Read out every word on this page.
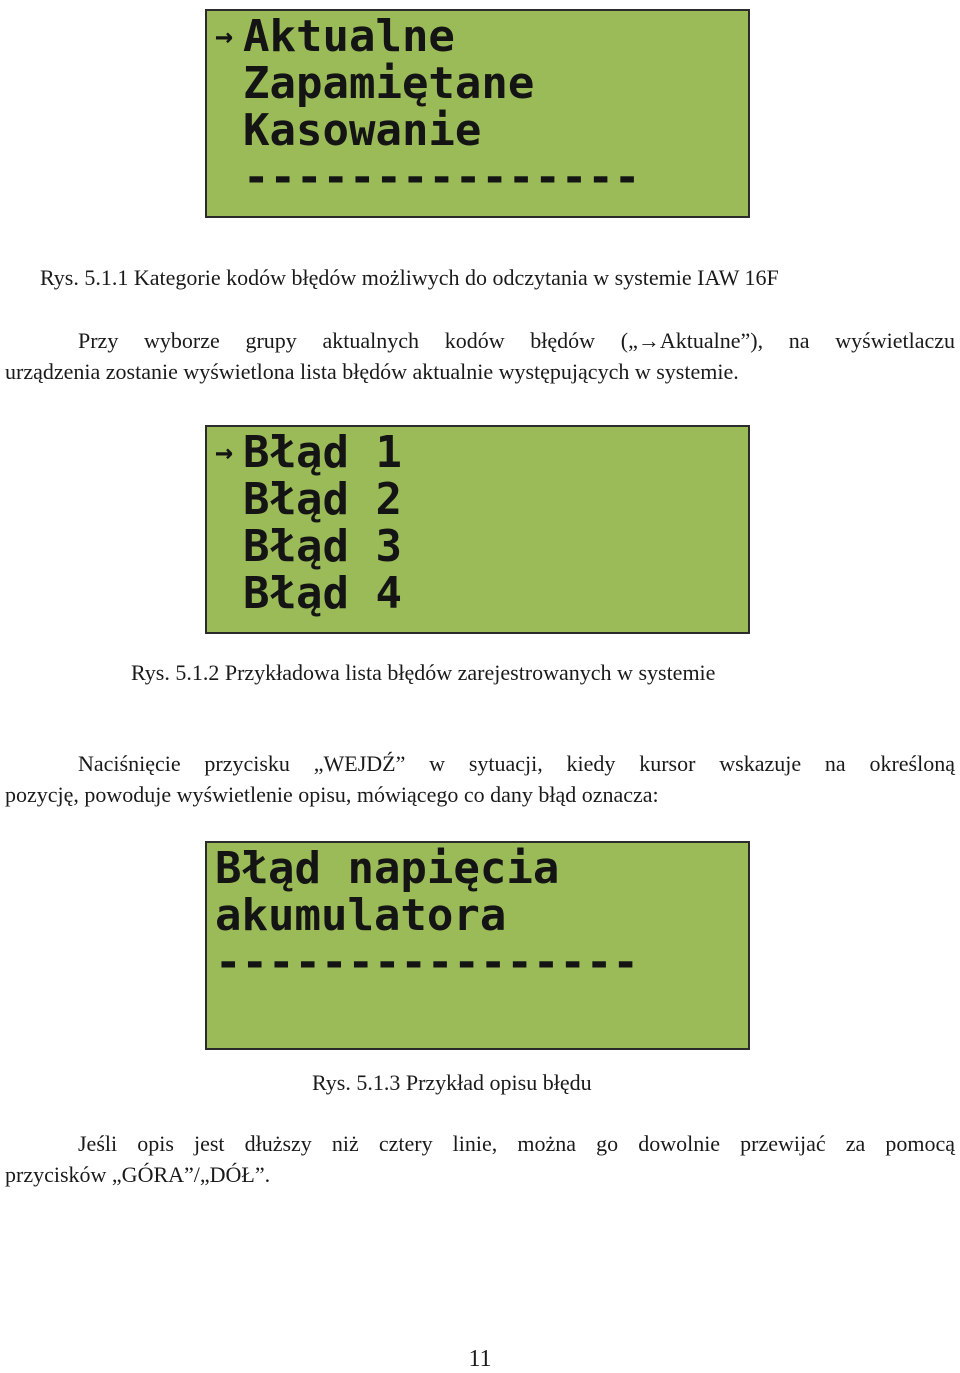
→ Aktualne
Zapamiętane
Kasowanie
---------------
Rys. 5.1.1 Kategorie kodów błędów możliwych do odczytania w systemie IAW 16F
Przy wyborze grupy aktualnych kodów błędów („→Aktualne”), na wyświetlaczu
urządzenia zostanie wyświetlona lista błędów aktualnie występujących w systemie.
→ Błąd 1
Błąd 2
Błąd 3
Błąd 4
Rys. 5.1.2 Przykładowa lista błędów zarejestrowanych w systemie
Naciśnięcie przycisku „WEJDŹ” w sytuacji, kiedy kursor wskazuje na określoną
pozycję, powoduje wyświetlenie opisu, mówiącego co dany błąd oznacza:
Błąd napięcia
akumulatora
----------------
Rys. 5.1.3 Przykład opisu błędu
Jeśli opis jest dłuższy niż cztery linie, można go dowolnie przewijać za pomocą
przycisków „GÓRA”/„DÓŁ”.
11
